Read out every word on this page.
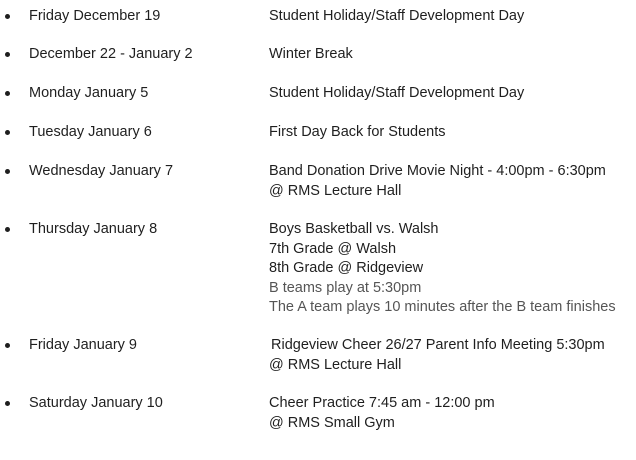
Friday December 19	Student Holiday/Staff Development Day
December 22 - January 2	Winter Break
Monday January 5	Student Holiday/Staff Development Day
Tuesday January 6	First Day Back for Students
Wednesday January 7	Band Donation Drive Movie Night - 4:00pm - 6:30pm
@ RMS Lecture Hall
Thursday January 8	Boys Basketball vs. Walsh
7th Grade @ Walsh
8th Grade @ Ridgeview
B teams play at 5:30pm
The A team plays 10 minutes after the B team finishes
Friday January 9	Ridgeview Cheer 26/27 Parent Info Meeting 5:30pm
@ RMS Lecture Hall
Saturday January 10	Cheer Practice 7:45 am - 12:00 pm
@ RMS Small Gym
